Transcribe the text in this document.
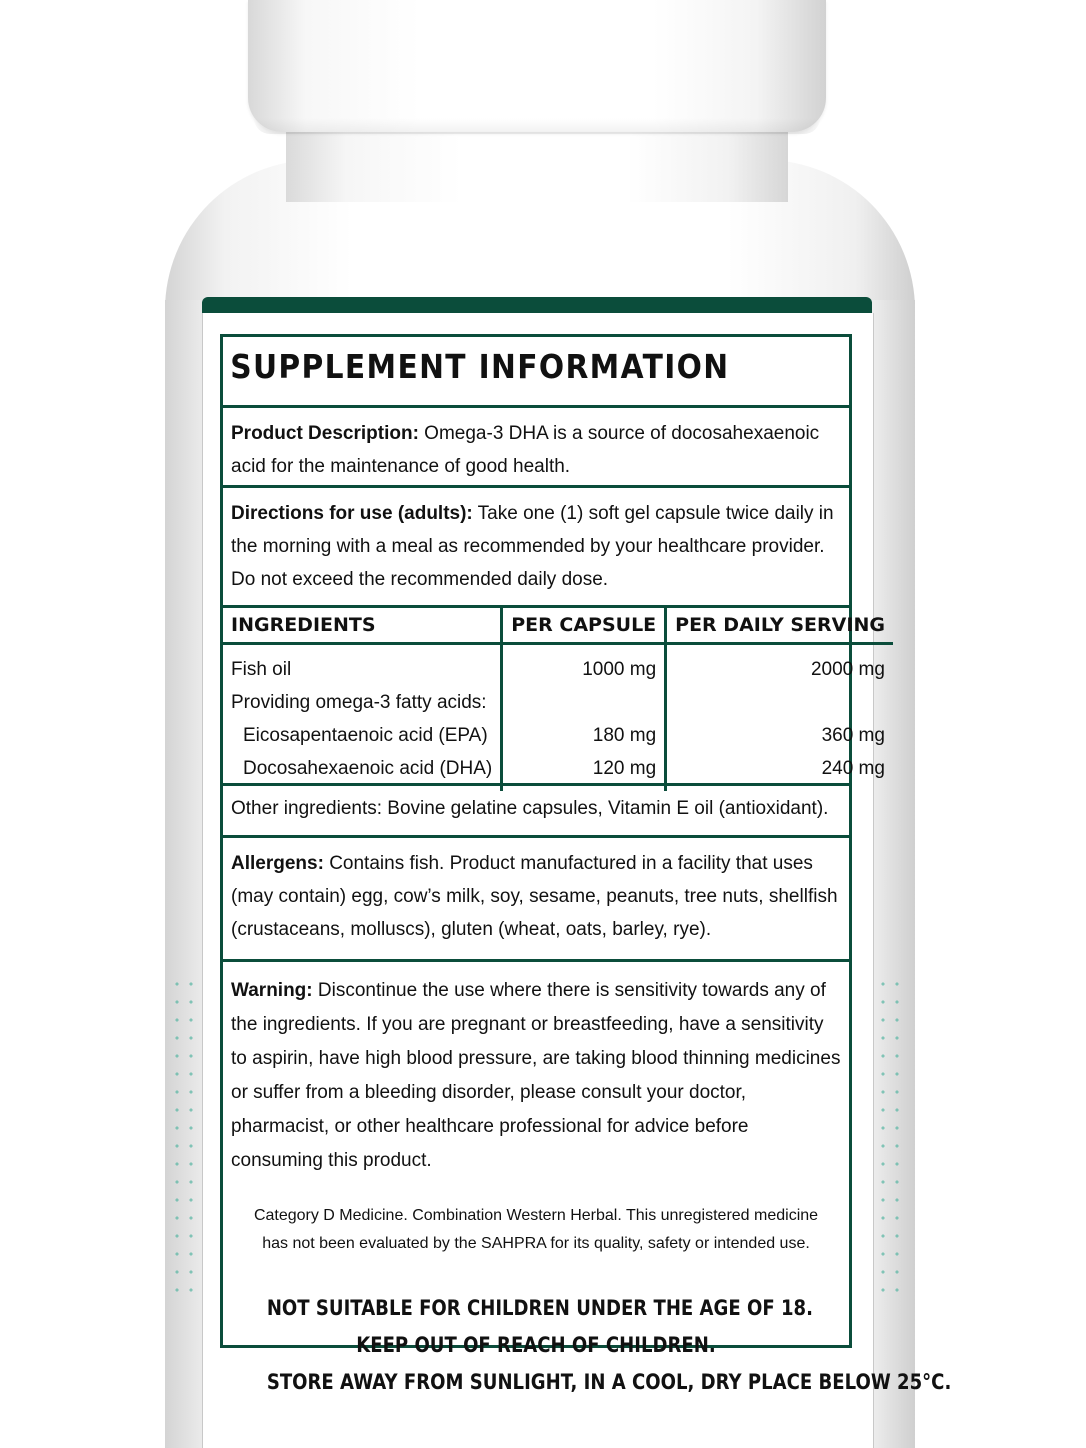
SUPPLEMENT INFORMATION
Product Description: Omega-3 DHA is a source of docosahexaenoic acid for the maintenance of good health.
Directions for use (adults): Take one (1) soft gel capsule twice daily in the morning with a meal as recommended by your healthcare provider. Do not exceed the recommended daily dose.
INGREDIENTS	PER CAPSULE	PER DAILY SERVING
Fish oil	1000 mg	2000 mg
Providing omega-3 fatty acids:		
Eicosapentaenoic acid (EPA)	180 mg	360 mg
Docosahexaenoic acid (DHA)	120 mg	240 mg
Other ingredients: Bovine gelatine capsules, Vitamin E oil (antioxidant).
Allergens: Contains fish. Product manufactured in a facility that uses (may contain) egg, cow’s milk, soy, sesame, peanuts, tree nuts, shellfish (crustaceans, molluscs), gluten (wheat, oats, barley, rye).
Warning: Discontinue the use where there is sensitivity towards any of the ingredients. If you are pregnant or breastfeeding, have a sensitivity to aspirin, have high blood pressure, are taking blood thinning medicines or suffer from a bleeding disorder, please consult your doctor, pharmacist, or other healthcare professional for advice before consuming this product.
Category D Medicine. Combination Western Herbal. This unregistered medicine has not been evaluated by the SAHPRA for its quality, safety or intended use.
NOT SUITABLE FOR CHILDREN UNDER THE AGE OF 18.
KEEP OUT OF REACH OF CHILDREN.
STORE AWAY FROM SUNLIGHT, IN A COOL, DRY PLACE BELOW 25°C.
